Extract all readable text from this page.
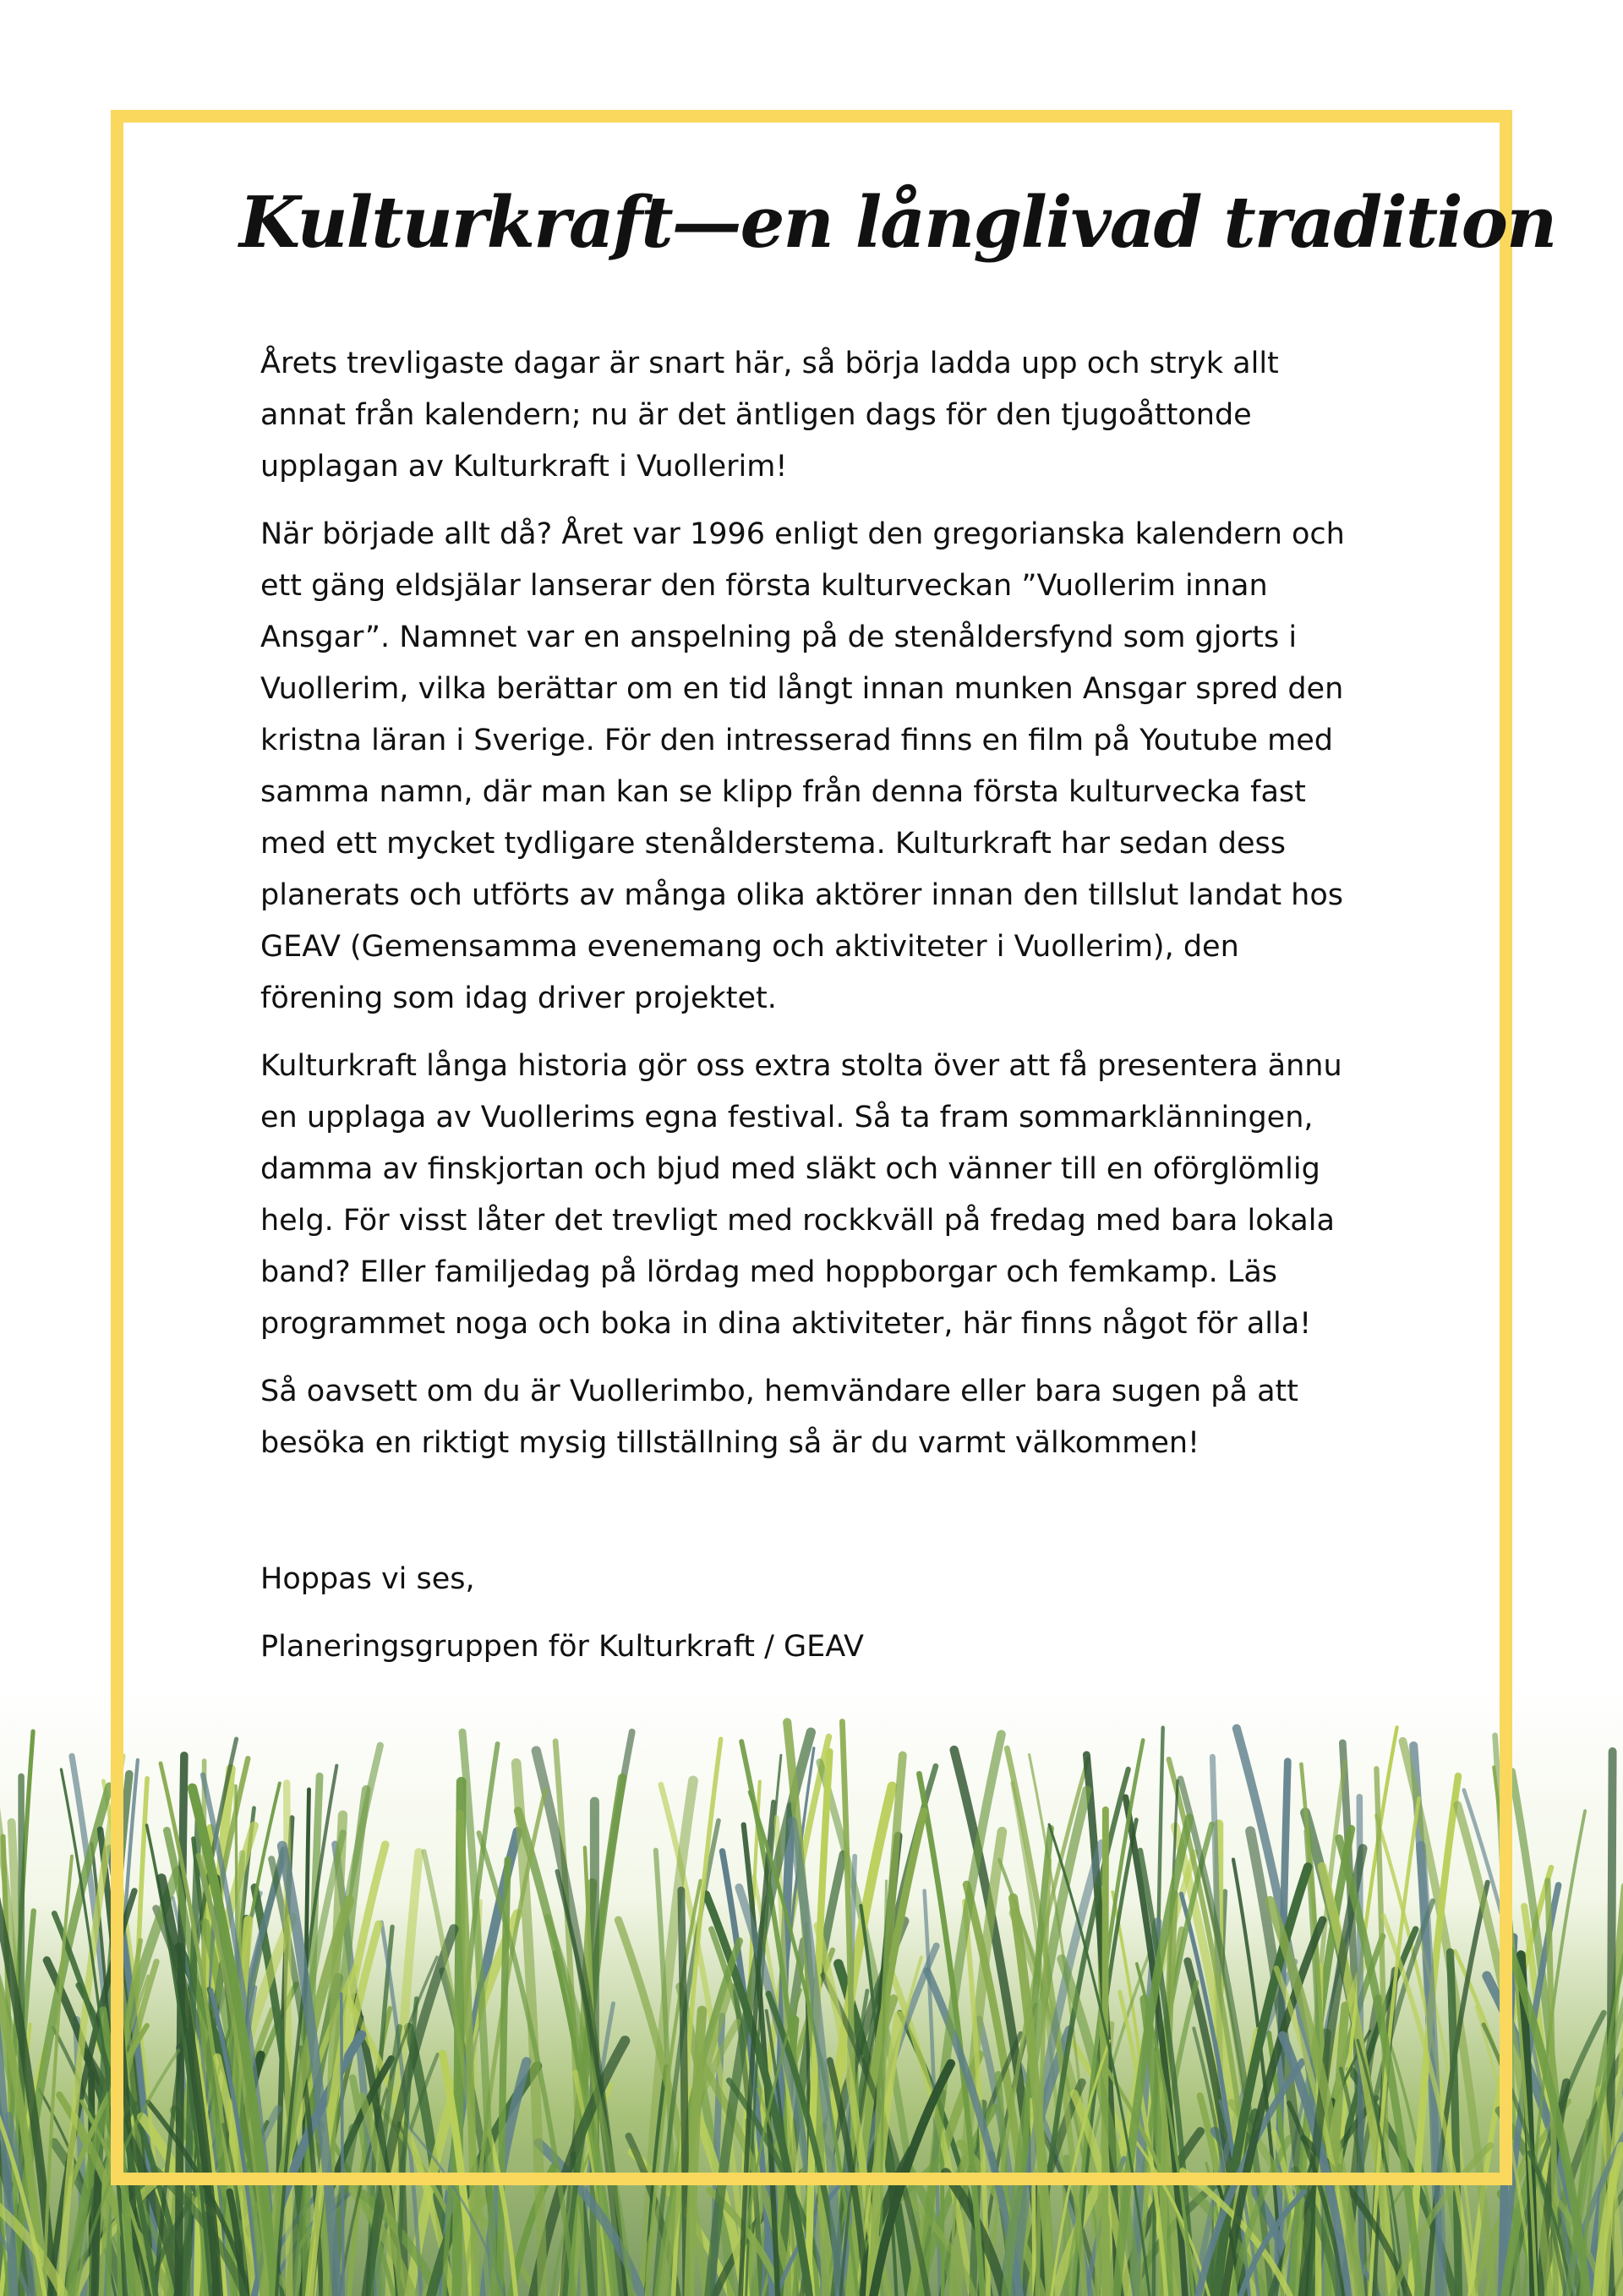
Kulturkraft—en långlivad tradition

Årets trevligaste dagar är snart här, så börja ladda upp och stryk allt annat från kalendern; nu är det äntligen dags för den tjugoåttonde upplagan av Kulturkraft i Vuollerim!

När började allt då? Året var 1996 enligt den gregorianska kalendern och ett gäng eldsjälar lanserar den första kulturveckan ”Vuollerim innan Ansgar”. Namnet var en anspelning på de stenåldersfynd som gjorts i Vuollerim, vilka berättar om en tid långt innan munken Ansgar spred den kristna läran i Sverige. För den intresserad finns en film på Youtube med samma namn, där man kan se klipp från denna första kulturvecka fast med ett mycket tydligare stenålderstema. Kulturkraft har sedan dess planerats och utförts av många olika aktörer innan den tillslut landat hos GEAV (Gemensamma evenemang och aktiviteter i Vuollerim), den förening som idag driver projektet.

Kulturkraft långa historia gör oss extra stolta över att få presentera ännu en upplaga av Vuollerims egna festival. Så ta fram sommarklänningen, damma av finskjortan och bjud med släkt och vänner till en oförglömlig helg. För visst låter det trevligt med rockkväll på fredag med bara lokala band? Eller familjedag på lördag med hoppborgar och femkamp. Läs programmet noga och boka in dina aktiviteter, här finns något för alla!

Så oavsett om du är Vuollerimbo, hemvändare eller bara sugen på att besöka en riktigt mysig tillställning så är du varmt välkommen!

Hoppas vi ses,

Planeringsgruppen för Kulturkraft / GEAV
